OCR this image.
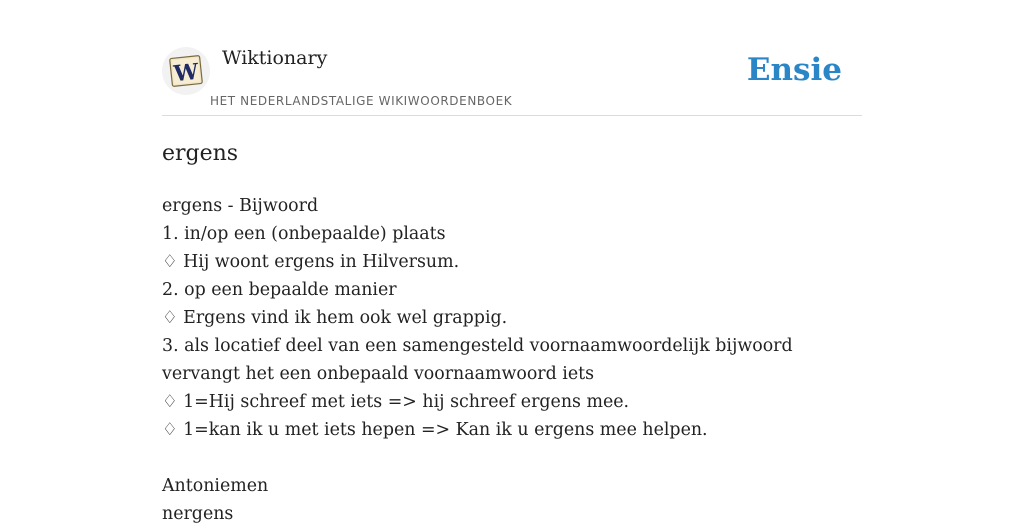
W
Wiktionary
HET NEDERLANDSTALIGE WIKIWOORDENBOEK
Ensie
ergens

ergens - Bijwoord

1. in/op een (onbepaalde) plaats

♢ Hij woont ergens in Hilversum.

2. op een bepaalde manier

♢ Ergens vind ik hem ook wel grappig.

3. als locatief deel van een samengesteld voornaamwoordelijk bijwoord vervangt het een onbepaald voornaamwoord iets

♢ 1=Hij schreef met iets => hij schreef ergens mee.

♢ 1=kan ik u met iets hepen => Kan ik u ergens mee helpen.

Antoniemen

nergens
